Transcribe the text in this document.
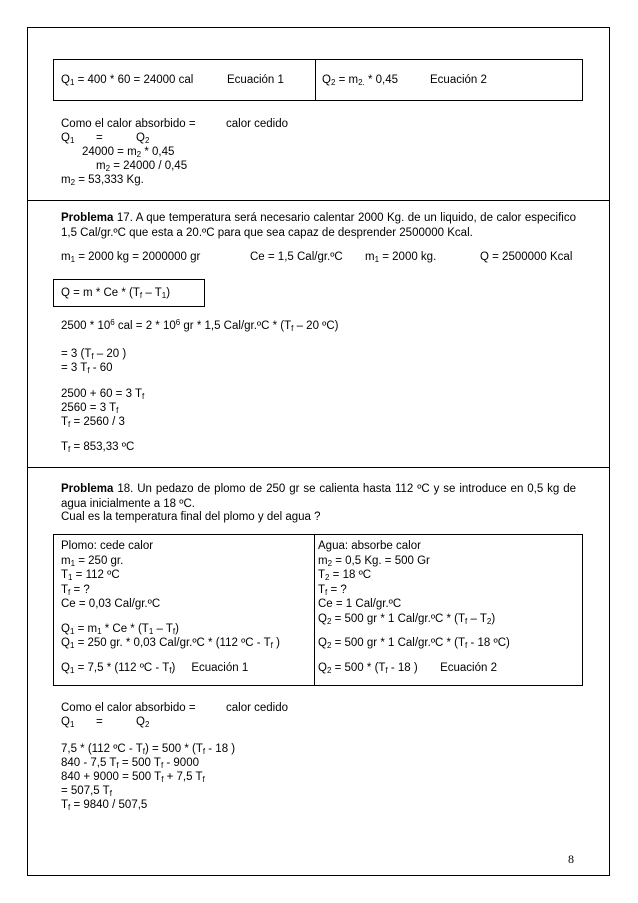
$Q_1 = 400 * 60 = 24000$ cal	Ecuación 1	$Q_2 = m_{2.} * 0,45$	Ecuación 2
Como el calor absorbido =	calor cedido
$Q_1$ =	$Q_2$
$24000 = m_2 * 0,45$
$m_2 = 24000 / 0,45$
$m_2 = 53,333$ Kg.
Problema 17. A que temperatura será necesario calentar 2000 Kg. de un liquido, de calor especifico 1,5 Cal/gr.ºC que esta a 20.ºC para que sea capaz de desprender 2500000 Kcal.
$m_1 = 2000$ kg = 2000000 gr	Ce = 1,5 Cal/gr.ºC $m_1 = 2000$ kg.	Q = 2500000 Kcal
$Q = m * Ce * (T_f - T_1)$
$2500 * 10^6$ cal = $2 * 10^6$ gr * 1,5 Cal/gr.ºC * ($T_f - 20$ ºC)
= 3 ($T_f - 20$ )
= 3 $T_f - 60$
2500 + 60 = 3 $T_f$
2560 = 3 $T_f$
$T_f = 2560 / 3$
$T_f = 853,33$ ºC
Problema 18. Un pedazo de plomo de 250 gr se calienta hasta 112 ºC y se introduce en 0,5 kg de agua inicialmente a 18 ºC.
Cual es la temperatura final del plomo y del agua ?
Plomo: cede calor
$m_1 = 250$ gr.
$T_1 = 112$ ºC
$T_f$ = ?
Ce = 0,03 Cal/gr.ºC
$Q_1 = m_1 * Ce * (T_1 - T_f)$
$Q_1 = 250$ gr. * 0,03 Cal/gr.ºC * (112 ºC - $T_f$ )
$Q_1 = 7,5 * (112$ ºC - $T_f$) Ecuación 1
Agua: absorbe calor
$m_2 = 0,5$ Kg. = 500 Gr
$T_2 = 18$ ºC
$T_f$ = ?
Ce = 1 Cal/gr.ºC
$Q_2 = 500$ gr * 1 Cal/gr.ºC * $(T_f - T_2)$
$Q_2 = 500$ gr * 1 Cal/gr.ºC * ($T_f - 18$ ºC)
$Q_2 = 500 * (T_f - 18$ ) Ecuación 2
Como el calor absorbido =	calor cedido
$Q_1$ =	$Q_2$
7,5 * (112 ºC - $T_f) = 500 * (T_f - 18$ )
840 - 7,5 $T_f = 500$ $T_f - 9000$
840 + 9000 = 500 $T_f + 7,5$ $T_f$
= 507,5 $T_f$
$T_f = 9840 / 507,5$
8
